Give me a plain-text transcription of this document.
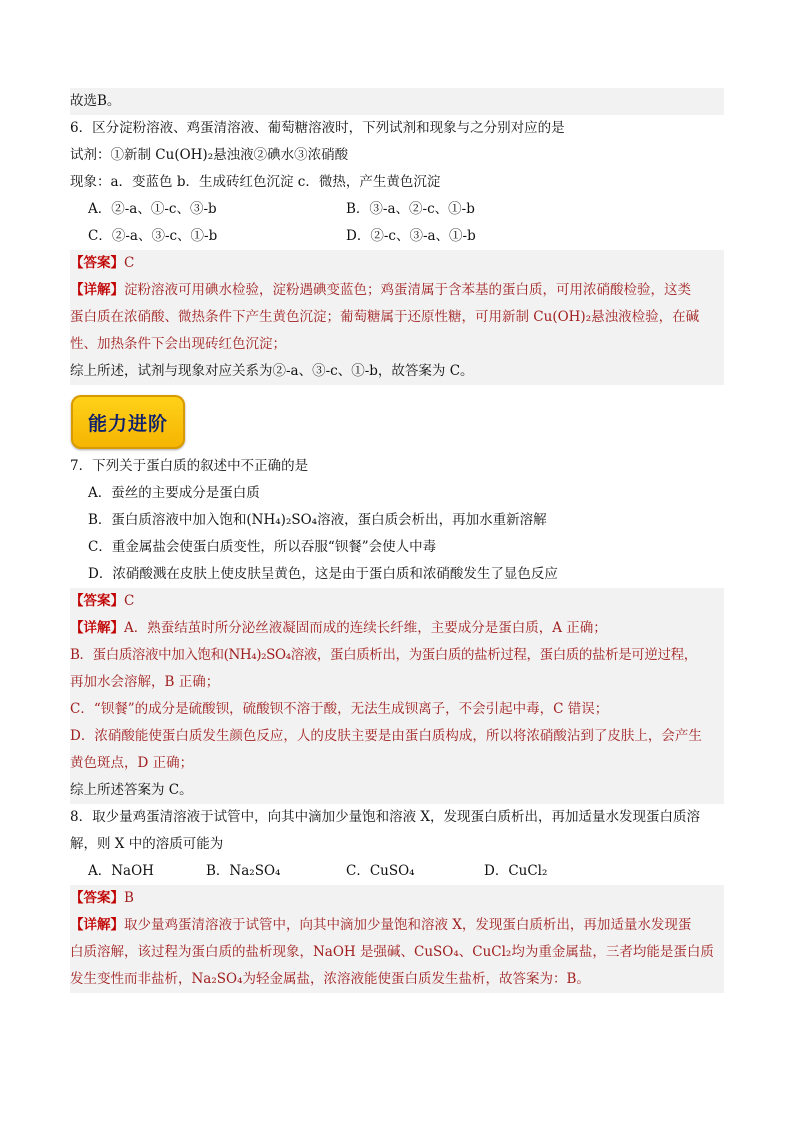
故选B。
6．区分淀粉溶液、鸡蛋清溶液、葡萄糖溶液时，下列试剂和现象与之分别对应的是
试剂：①新制 Cu(OH)₂悬浊液②碘水③浓硝酸
现象：a．变蓝色 b．生成砖红色沉淀 c．微热，产生黄色沉淀
A．②-a、①-c、③-b	B．③-a、②-c、①-b
C．②-a、③-c、①-b	D．②-c、③-a、①-b
【答案】C
【详解】淀粉溶液可用碘水检验，淀粉遇碘变蓝色；鸡蛋清属于含苯基的蛋白质，可用浓硝酸检验，这类
蛋白质在浓硝酸、微热条件下产生黄色沉淀；葡萄糖属于还原性糖，可用新制 Cu(OH)₂悬浊液检验，在碱
性、加热条件下会出现砖红色沉淀；
综上所述，试剂与现象对应关系为②-a、③-c、①-b，故答案为 C。
7．下列关于蛋白质的叙述中不正确的是
A．蚕丝的主要成分是蛋白质
B．蛋白质溶液中加入饱和(NH₄)₂SO₄溶液，蛋白质会析出，再加水重新溶解
C．重金属盐会使蛋白质变性，所以吞服“钡餐”会使人中毒
D．浓硝酸溅在皮肤上使皮肤呈黄色，这是由于蛋白质和浓硝酸发生了显色反应
【答案】C
【详解】A．熟蚕结茧时所分泌丝液凝固而成的连续长纤维，主要成分是蛋白质，A 正确；
B．蛋白质溶液中加入饱和(NH₄)₂SO₄溶液，蛋白质析出，为蛋白质的盐析过程，蛋白质的盐析是可逆过程，
再加水会溶解，B 正确；
C．“钡餐”的成分是硫酸钡，硫酸钡不溶于酸，无法生成钡离子，不会引起中毒，C 错误；
D．浓硝酸能使蛋白质发生颜色反应，人的皮肤主要是由蛋白质构成，所以将浓硝酸沾到了皮肤上，会产生
黄色斑点，D 正确；
综上所述答案为 C。
8．取少量鸡蛋清溶液于试管中，向其中滴加少量饱和溶液 X，发现蛋白质析出，再加适量水发现蛋白质溶
解，则 X 中的溶质可能为
A．NaOH	B．Na₂SO₄	C．CuSO₄	D．CuCl₂
【答案】B
【详解】取少量鸡蛋清溶液于试管中，向其中滴加少量饱和溶液 X，发现蛋白质析出，再加适量水发现蛋
白质溶解，该过程为蛋白质的盐析现象，NaOH 是强碱、CuSO₄、CuCl₂均为重金属盐，三者均能是蛋白质
发生变性而非盐析，Na₂SO₄为轻金属盐，浓溶液能使蛋白质发生盐析，故答案为：B。
能力进阶
